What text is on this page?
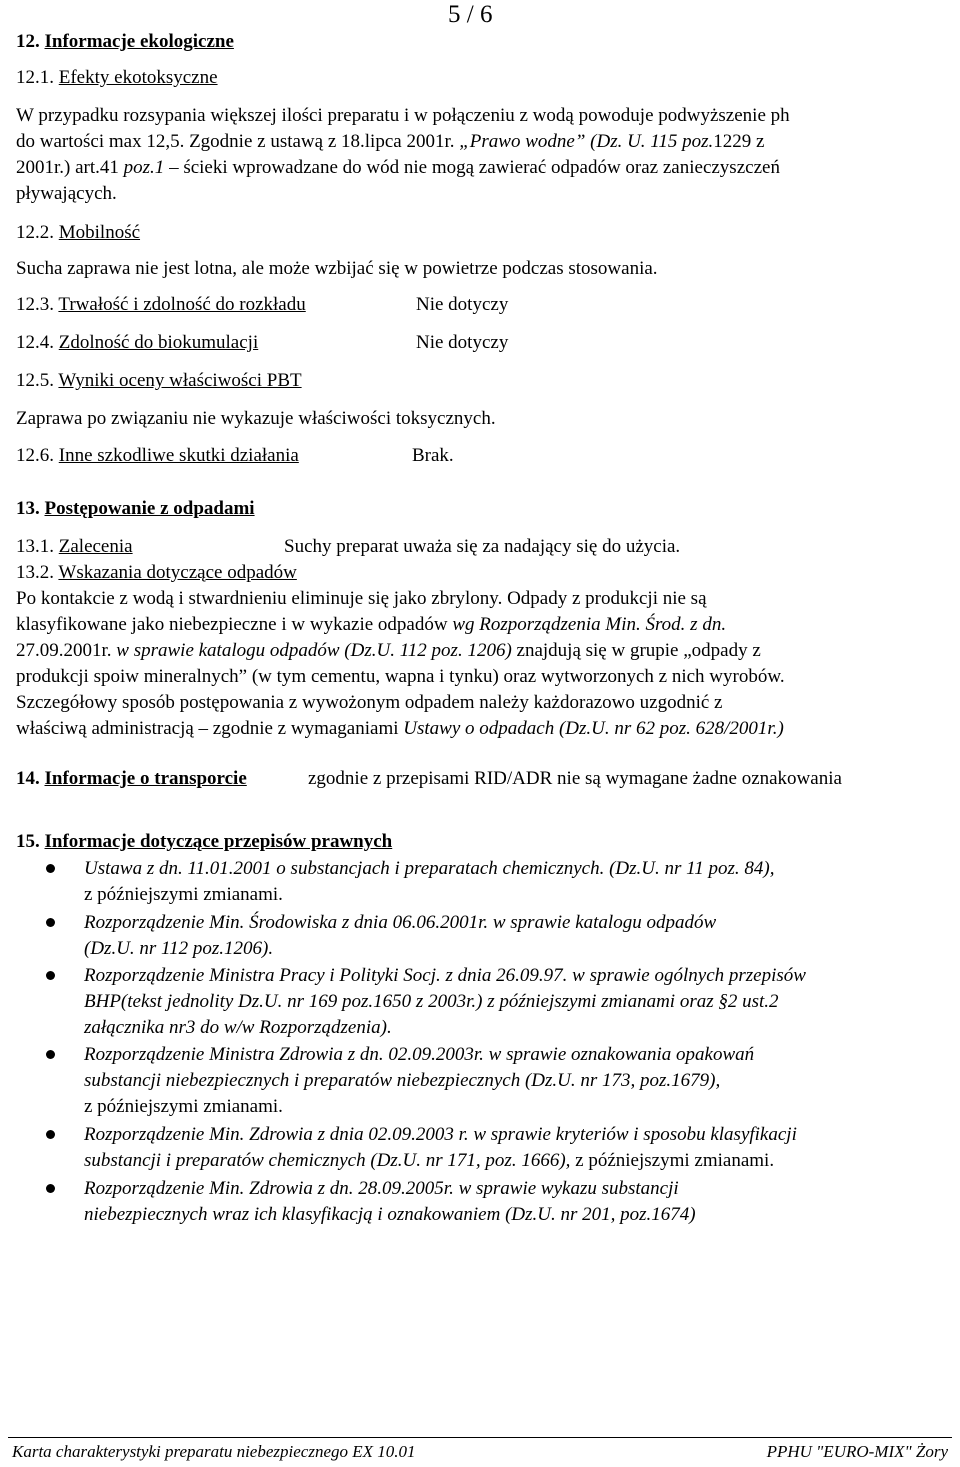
5 / 6
12. Informacje ekologiczne
12.1. Efekty ekotoksyczne
W przypadku rozsypania większej ilości preparatu i w połączeniu z wodą powoduje podwyższenie ph
do wartości max 12,5. Zgodnie z ustawą z 18.lipca 2001r. „Prawo wodne” (Dz. U. 115 poz.1229 z
2001r.) art.41 poz.1 – ścieki wprowadzane do wód nie mogą zawierać odpadów oraz zanieczyszczeń
pływających.
12.2. Mobilność
Sucha zaprawa nie jest lotna, ale może wzbijać się w powietrze podczas stosowania.
12.3. Trwałość i zdolność do rozkładu	Nie dotyczy
12.4. Zdolność do biokumulacji	Nie dotyczy
12.5. Wyniki oceny właściwości PBT
Zaprawa po związaniu nie wykazuje właściwości toksycznych.
12.6. Inne szkodliwe skutki działania	Brak.
13. Postępowanie z odpadami
13.1. Zalecenia	Suchy preparat uważa się za nadający się do użycia.
13.2. Wskazania dotyczące odpadów
Po kontakcie z wodą i stwardnieniu eliminuje się jako zbrylony. Odpady z produkcji nie są
klasyfikowane jako niebezpieczne i w wykazie odpadów wg Rozporządzenia Min. Środ. z dn.
27.09.2001r. w sprawie katalogu odpadów (Dz.U. 112 poz. 1206) znajdują się w grupie „odpady z
produkcji spoiw mineralnych” (w tym cementu, wapna i tynku) oraz wytworzonych z nich wyrobów.
Szczegółowy sposób postępowania z wywożonym odpadem należy każdorazowo uzgodnić z
właściwą administracją – zgodnie z wymaganiami Ustawy o odpadach (Dz.U. nr 62 poz. 628/2001r.)
14. Informacje o transporcie	zgodnie z przepisami RID/ADR nie są wymagane żadne oznakowania
15. Informacje dotyczące przepisów prawnych
Ustawa z dn. 11.01.2001 o substancjach i preparatach chemicznych. (Dz.U. nr 11 poz. 84),
z późniejszymi zmianami.
Rozporządzenie Min. Środowiska z dnia 06.06.2001r. w sprawie katalogu odpadów
(Dz.U. nr 112 poz.1206).
Rozporządzenie Ministra Pracy i Polityki Socj. z dnia 26.09.97. w sprawie ogólnych przepisów
BHP(tekst jednolity Dz.U. nr 169 poz.1650 z 2003r.) z późniejszymi zmianami oraz §2 ust.2
załącznika nr3 do w/w Rozporządzenia).
Rozporządzenie Ministra Zdrowia z dn. 02.09.2003r. w sprawie oznakowania opakowań
substancji niebezpiecznych i preparatów niebezpiecznych (Dz.U. nr 173, poz.1679),
z późniejszymi zmianami.
Rozporządzenie Min. Zdrowia z dnia 02.09.2003 r. w sprawie kryteriów i sposobu klasyfikacji
substancji i preparatów chemicznych (Dz.U. nr 171, poz. 1666), z późniejszymi zmianami.
Rozporządzenie Min. Zdrowia z dn. 28.09.2005r. w sprawie wykazu substancji
niebezpiecznych wraz ich klasyfikacją i oznakowaniem (Dz.U. nr 201, poz.1674)
Karta charakterystyki preparatu niebezpiecznego EX 10.01	PPHU "EURO-MIX" Żory
